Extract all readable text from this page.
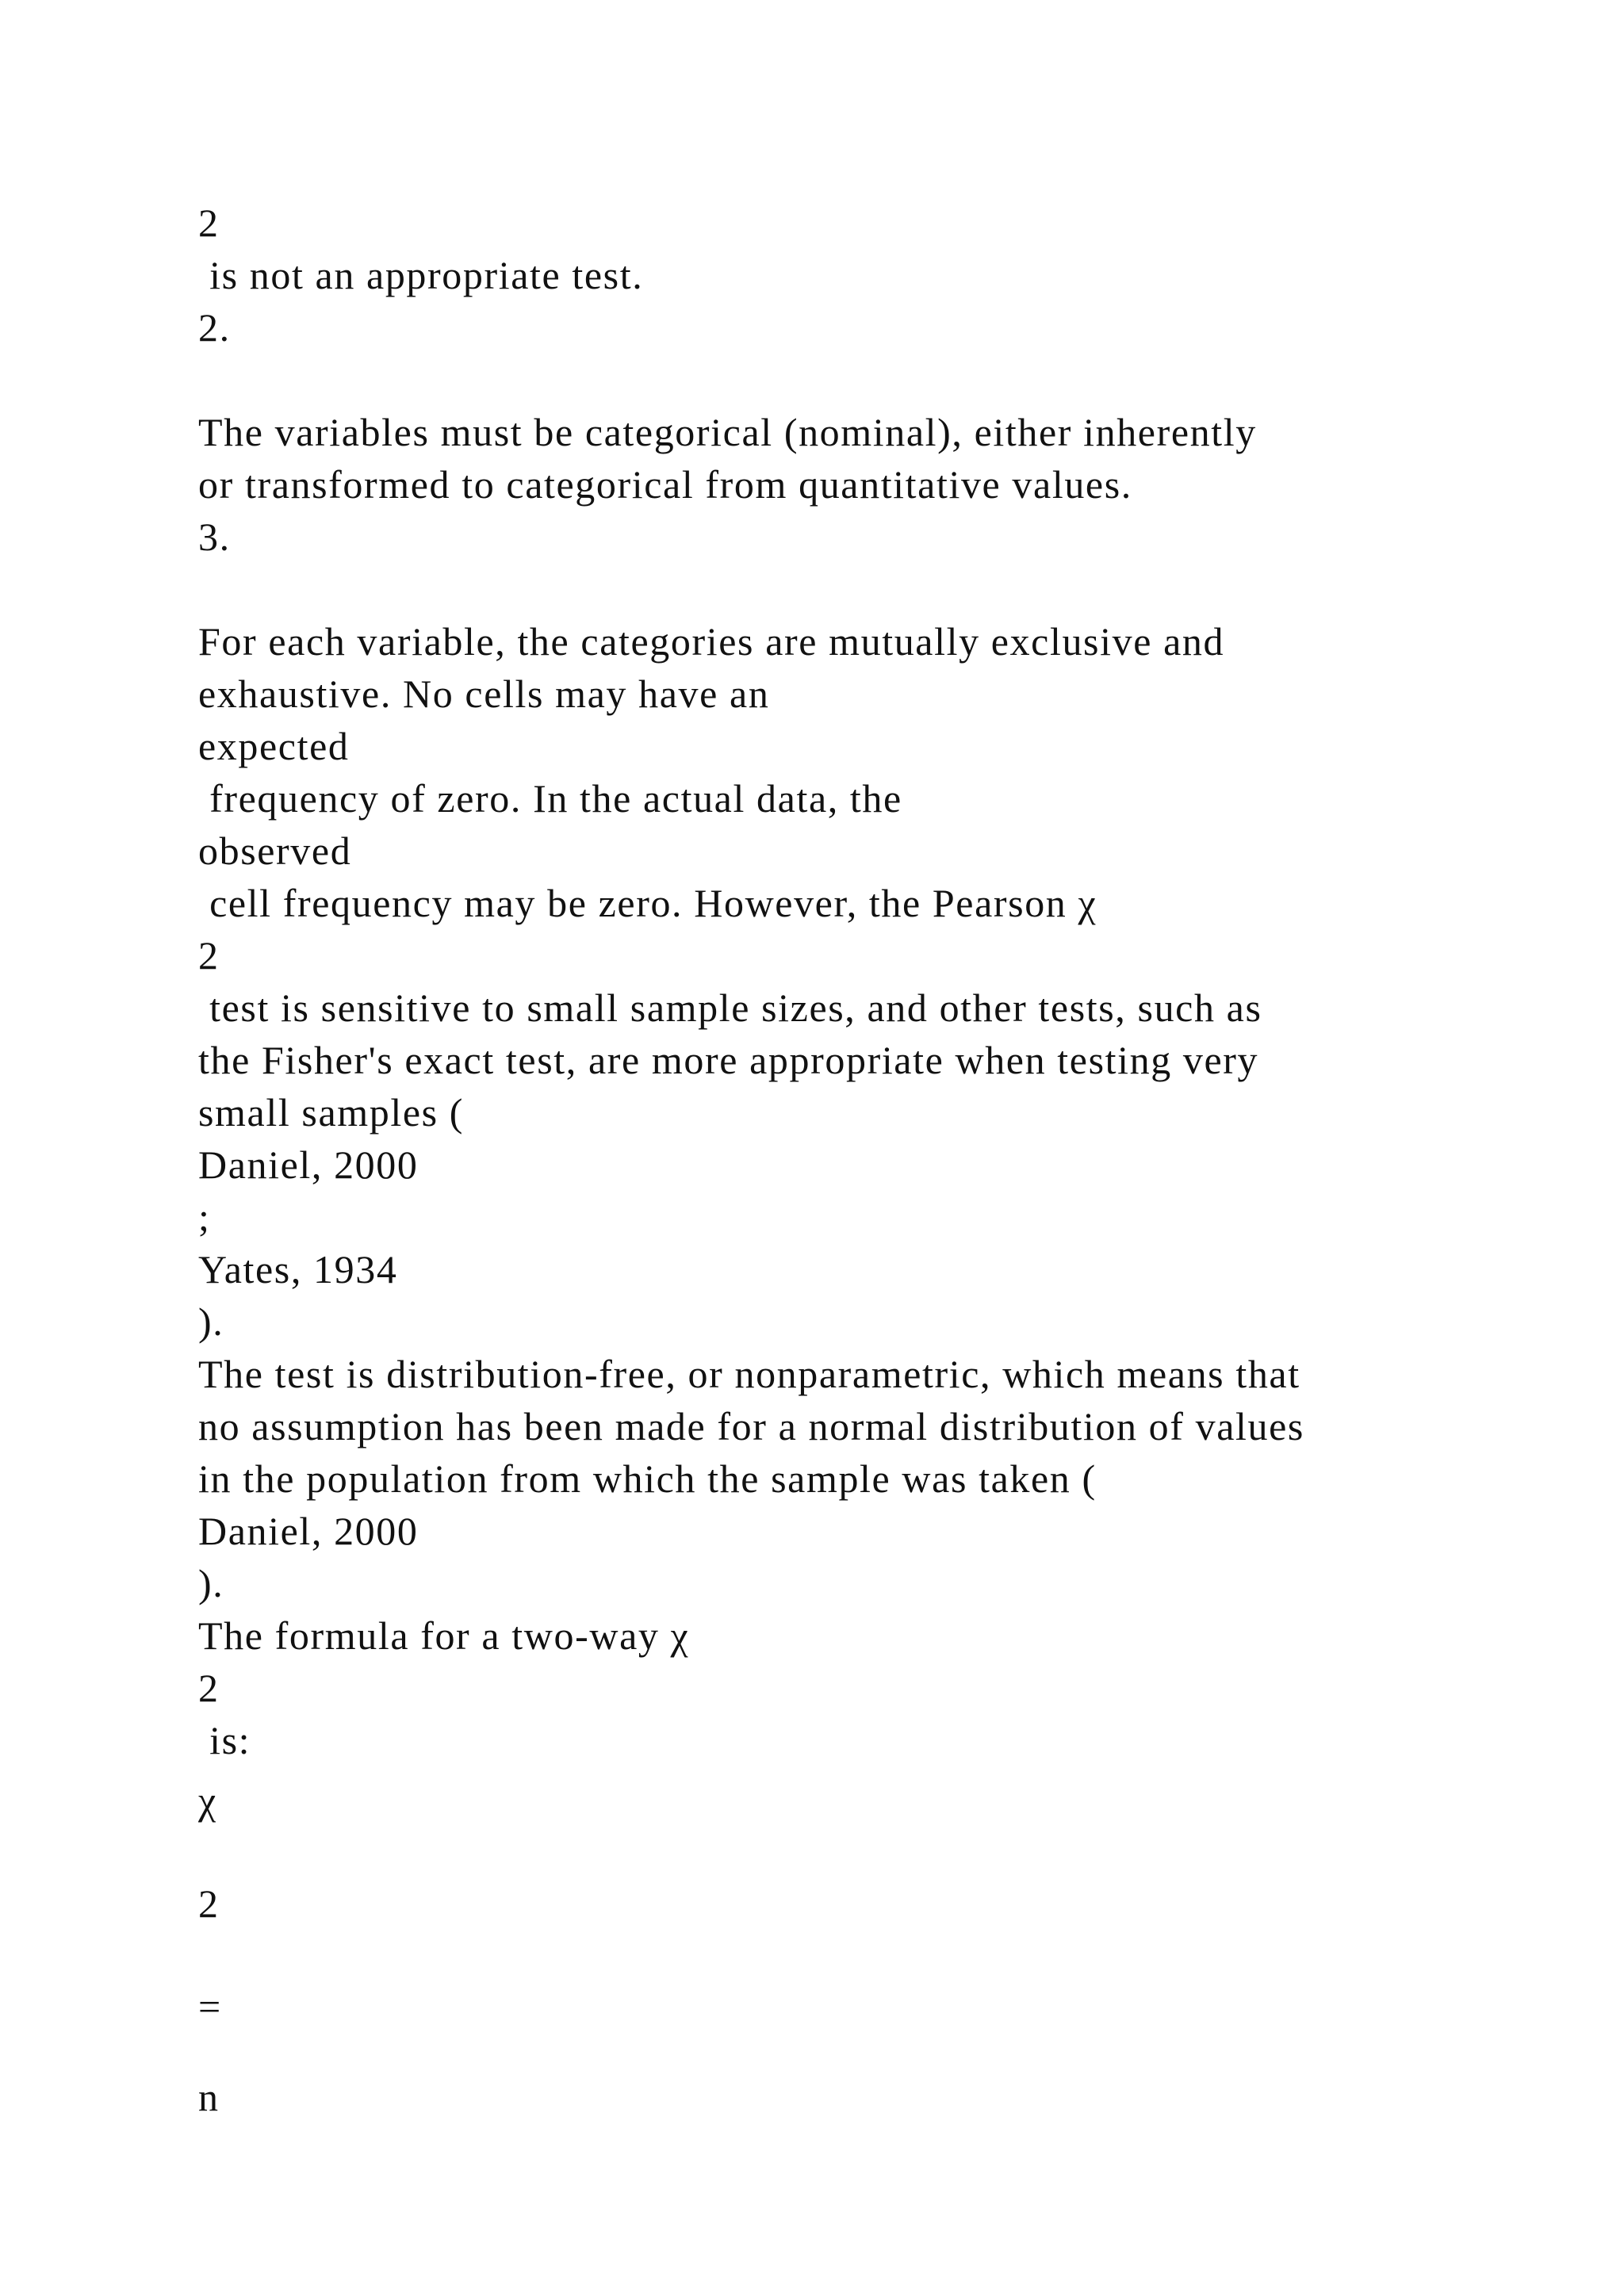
2

is not an appropriate test.

2.

The variables must be categorical (nominal), either inherently

or transformed to categorical from quantitative values.

3.

For each variable, the categories are mutually exclusive and

exhaustive. No cells may have an

expected

frequency of zero. In the actual data, the

observed

cell frequency may be zero. However, the Pearson χ

2

test is sensitive to small sample sizes, and other tests, such as

the Fisher's exact test, are more appropriate when testing very

small samples (

Daniel, 2000

;

Yates, 1934

).

The test is distribution-free, or nonparametric, which means that

no assumption has been made for a normal distribution of values

in the population from which the sample was taken (

Daniel, 2000

).

The formula for a two-way χ

2

is:

χ

2

=

n
